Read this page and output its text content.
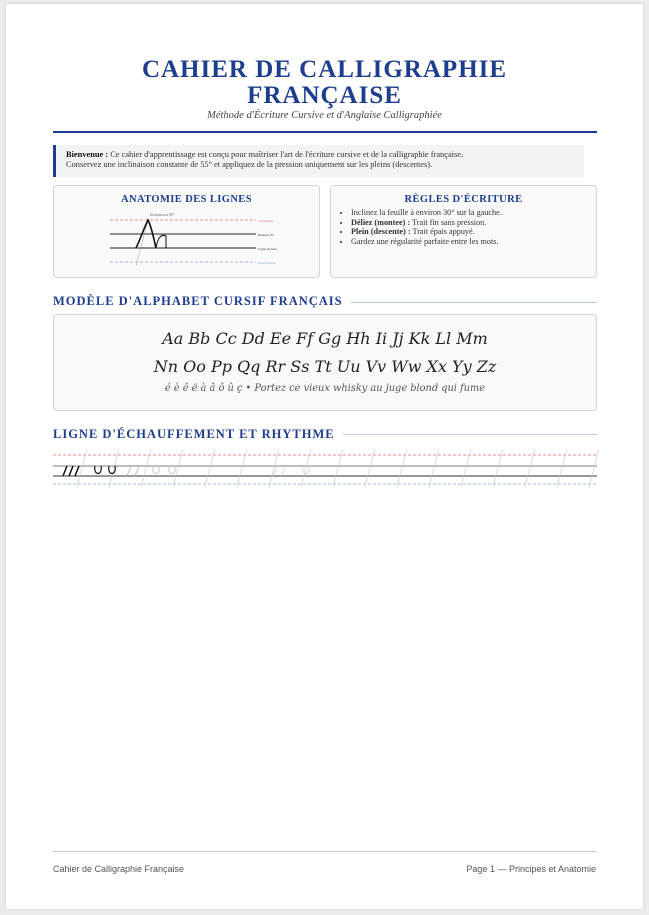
CAHIER DE CALLIGRAPHIE
FRANÇAISE
Méthode d'Écriture Cursive et d'Anglaise Calligraphiée
Bienvenue : Ce cahier d'apprentissage est conçu pour maîtriser l'art de l'écriture cursive et de la calligraphie française.
Conservez une inclinaison constante de 55° et appliquez de la pression uniquement sur les pleins (descentes).
ANATOMIE DES LIGNES
Inclinaison 55°
Ascendante
Hauteur d'x
Ligne de base
Descendante
RÈGLES D'ÉCRITURE
• Inclinez la feuille à environ 30° sur la gauche.
• Déliez (montee) : Trait fin sans pression.
• Plein (descente) : Trait épais appuyé.
• Gardez une régularité parfaite entre les mots.
MODÈLE D'ALPHABET CURSIF FRANÇAIS
Aa Bb Cc Dd Ee Ff Gg Hh Ii Jj Kk Ll Mm
Nn Oo Pp Qq Rr Ss Tt Uu Vv Ww Xx Yy Zz
é è ê ë à â ô û ç • Portez ce vieux whisky au juge blond qui fume
LIGNE D'ÉCHAUFFEMENT ET RHYTHME
Cahier de Calligraphie Française	Page 1 — Principes et Anatomie
